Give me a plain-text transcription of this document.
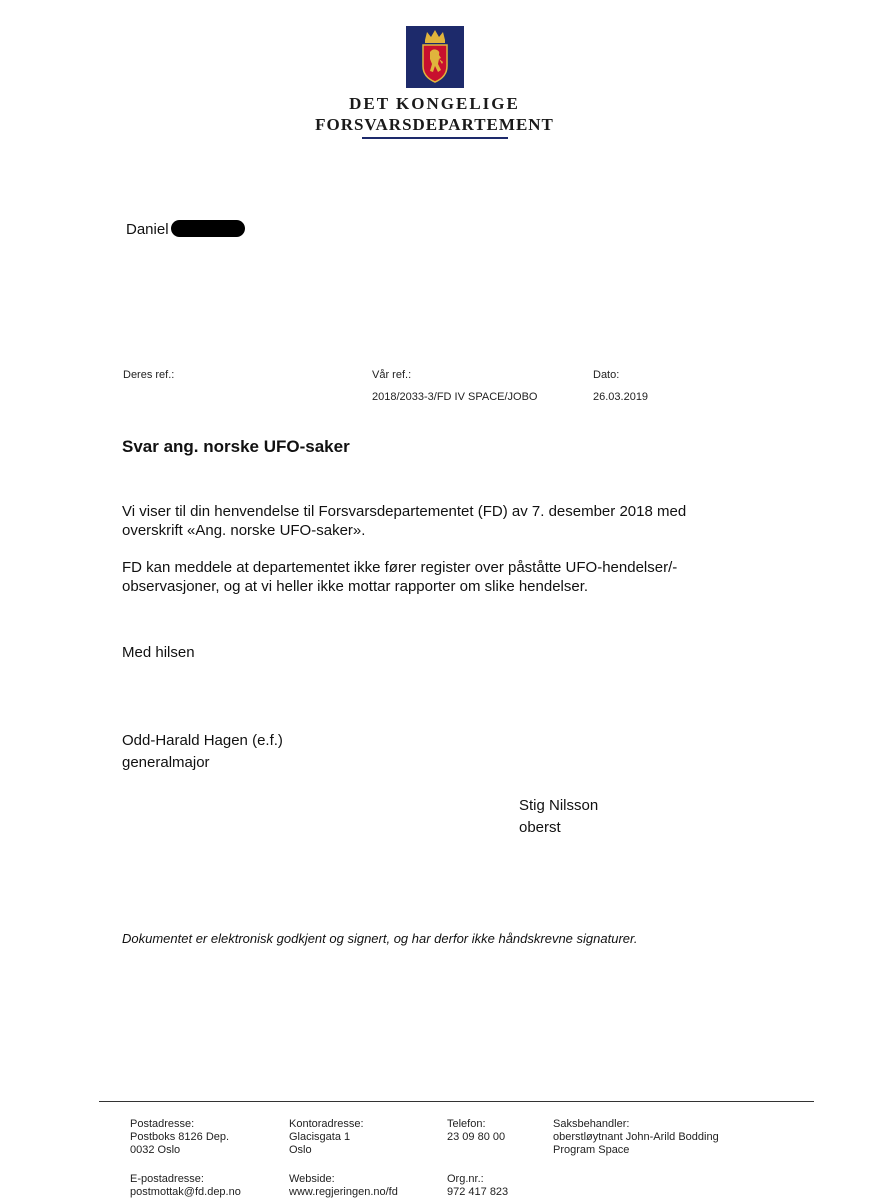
DET KONGELIGE
FORSVARSDEPARTEMENT
Daniel
Deres ref.:	Vår ref.:
2018/2033-3/FD IV SPACE/JOBO
Dato:
26.03.2019
Svar ang. norske UFO-saker
Vi viser til din henvendelse til Forsvarsdepartementet (FD) av 7. desember 2018 med
overskrift «Ang. norske UFO-saker».
FD kan meddele at departementet ikke fører register over påståtte UFO-hendelser/-
observasjoner, og at vi heller ikke mottar rapporter om slike hendelser.
Med hilsen
Odd-Harald Hagen (e.f.)
generalmajor
Stig Nilsson
oberst
Dokumentet er elektronisk godkjent og signert, og har derfor ikke håndskrevne signaturer.
Postadresse:
Postboks 8126 Dep.
0032 Oslo
Kontoradresse:
Glacisgata 1
Oslo
Telefon:
23 09 80 00
Saksbehandler:
oberstløytnant John-Arild Bodding
Program Space
E-postadresse:
postmottak@fd.dep.no
Webside:
www.regjeringen.no/fd
Org.nr.:
972 417 823
